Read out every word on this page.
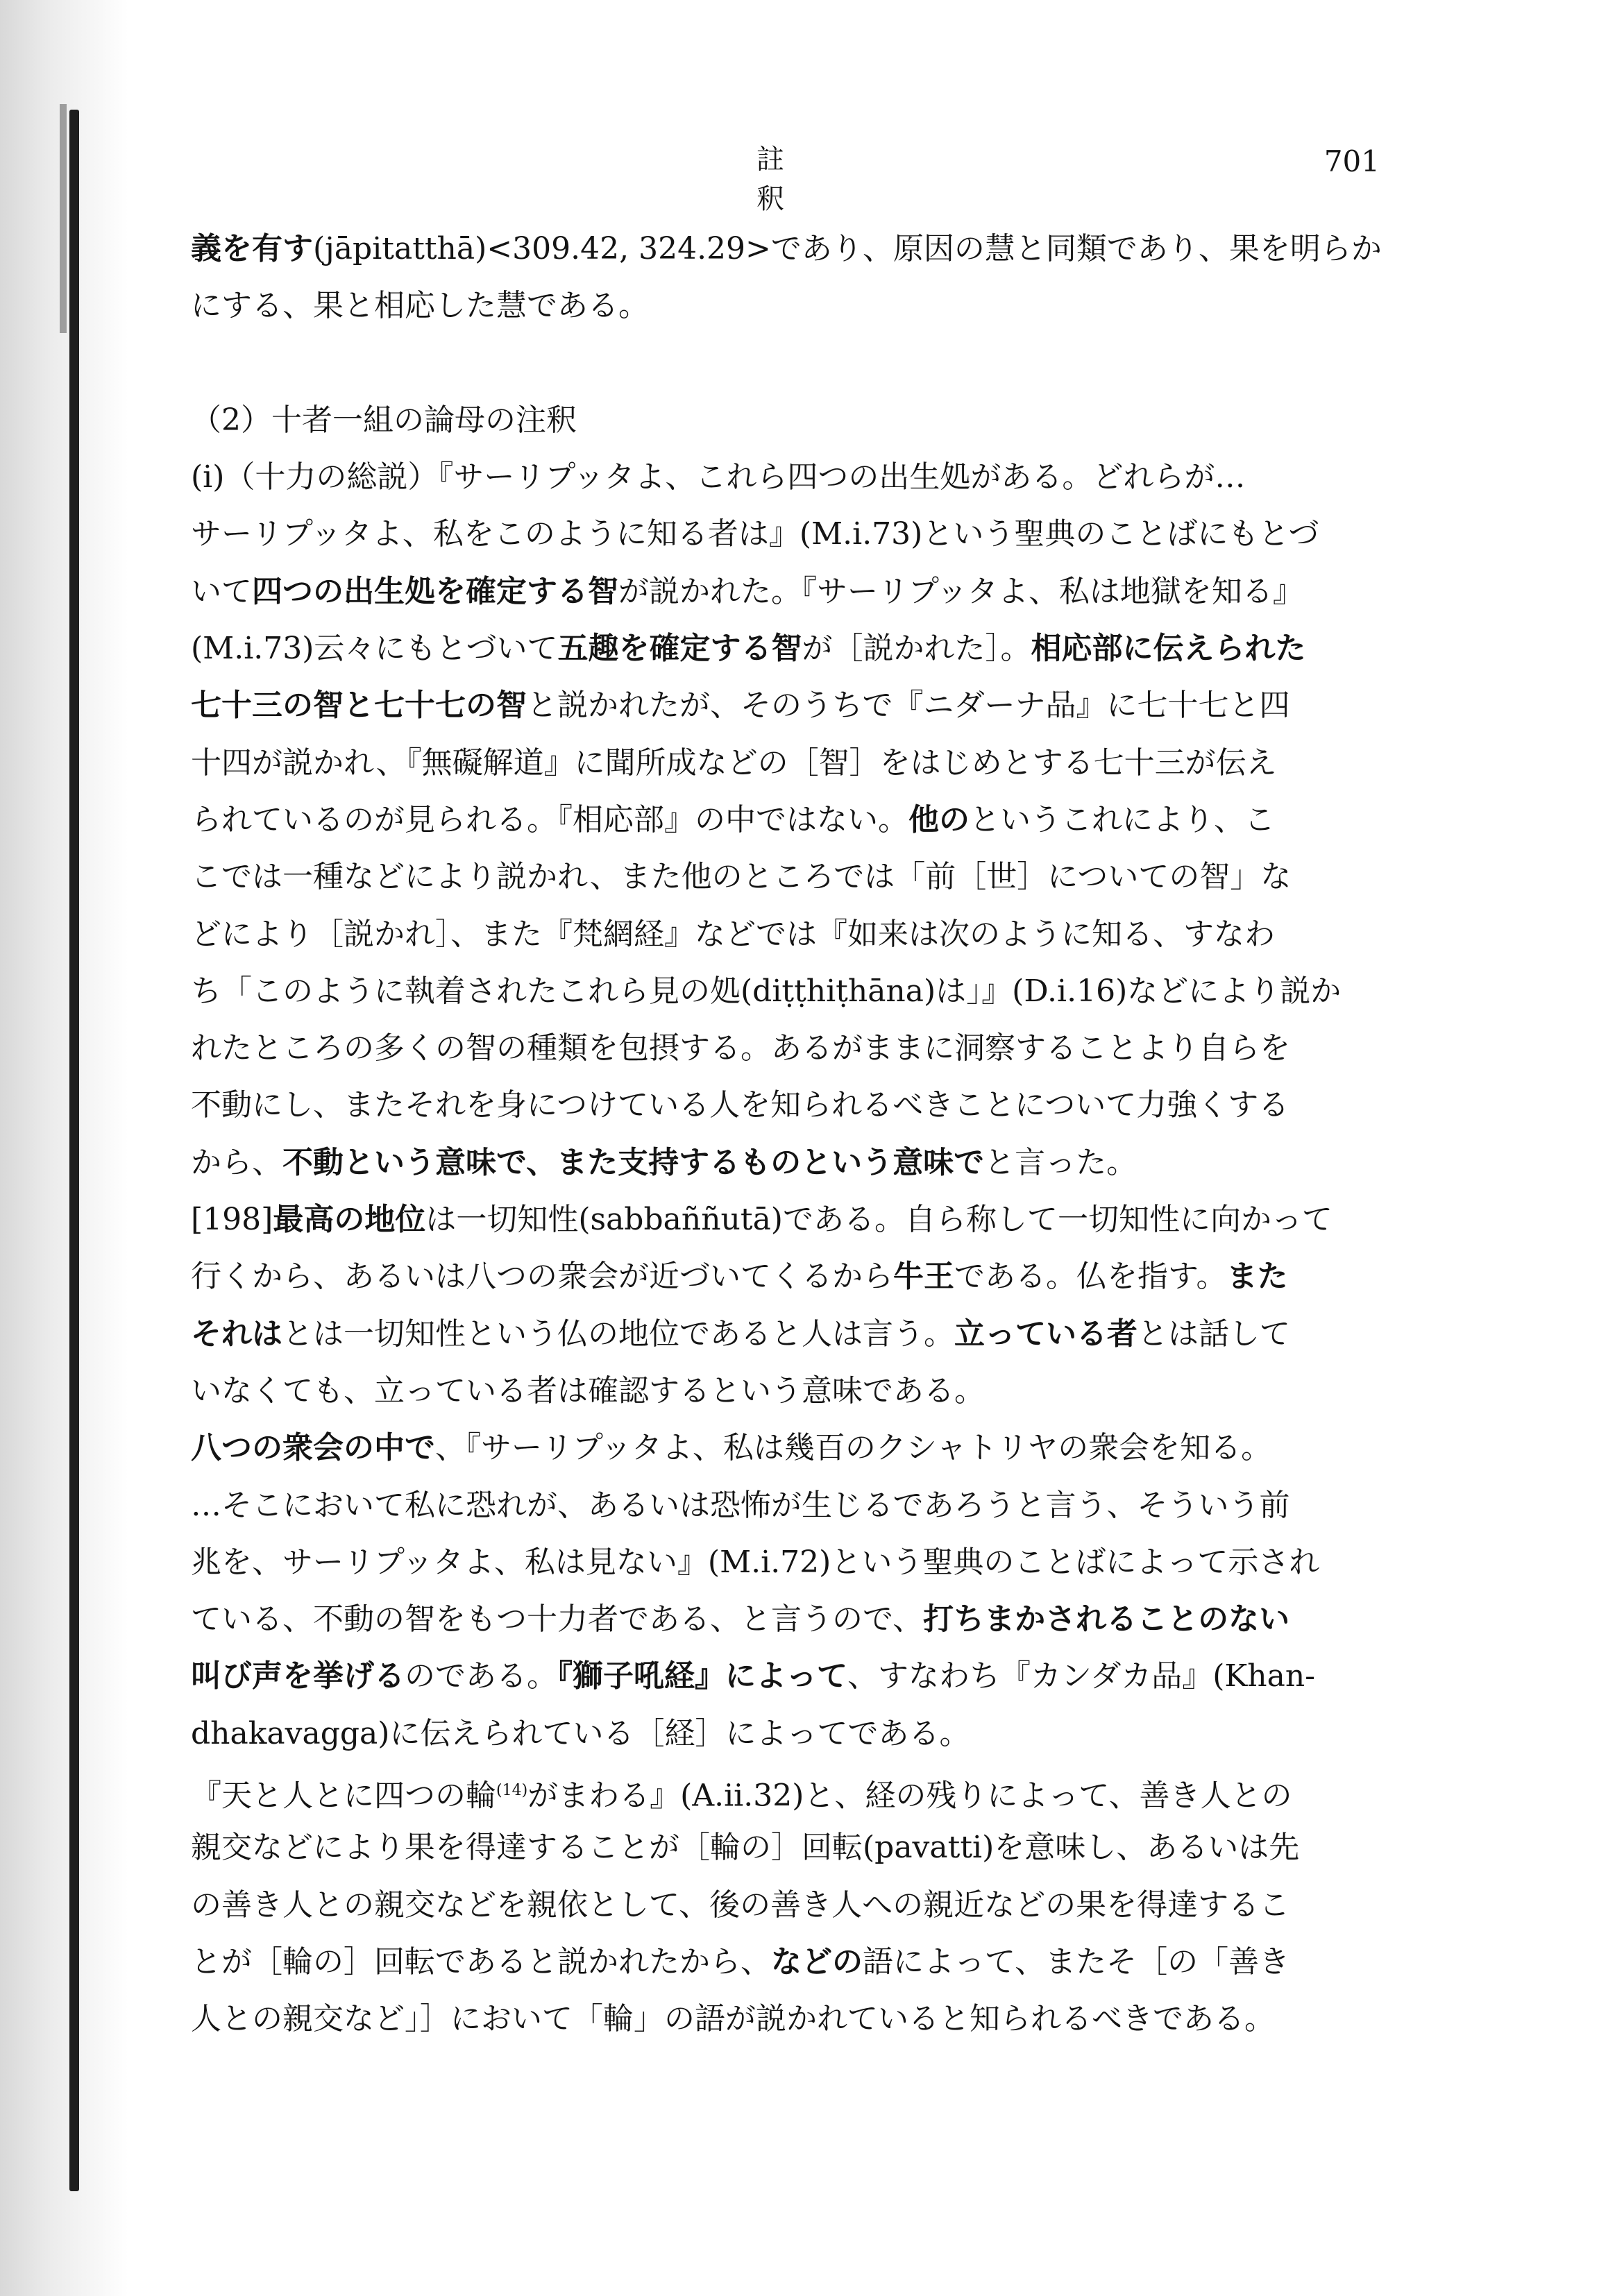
註 釈
701
義を有す(jāpitatthā)<309.42, 324.29>であり、原因の慧と同類であり、果を明らか
にする、果と相応した慧である。
（2）十者一組の論母の注釈
(i)（十力の総説）『サーリプッタよ、これら四つの出生処がある。どれらが…
サーリプッタよ、私をこのように知る者は』(M.i.73)という聖典のことばにもとづ
いて四つの出生処を確定する智が説かれた。『サーリプッタよ、私は地獄を知る』
(M.i.73)云々にもとづいて五趣を確定する智が［説かれた］。相応部に伝えられた
七十三の智と七十七の智と説かれたが、そのうちで『ニダーナ品』に七十七と四
十四が説かれ、『無礙解道』に聞所成などの［智］をはじめとする七十三が伝え
られているのが見られる。『相応部』の中ではない。他のというこれにより、こ
こでは一種などにより説かれ、また他のところでは「前［世］についての智」な
どにより［説かれ］、また『梵網経』などでは『如来は次のように知る、すなわ
ち「このように執着されたこれら見の処(diṭṭhiṭhāna)は」』(D.i.16)などにより説か
れたところの多くの智の種類を包摂する。あるがままに洞察することより自らを
不動にし、またそれを身につけている人を知られるべきことについて力強くする
から、不動という意味で、また支持するものという意味でと言った。
[198]最高の地位は一切知性(sabbaññutā)である。自ら称して一切知性に向かって
行くから、あるいは八つの衆会が近づいてくるから牛王である。仏を指す。また
それはとは一切知性という仏の地位であると人は言う。立っている者とは話して
いなくても、立っている者は確認するという意味である。
八つの衆会の中で、『サーリプッタよ、私は幾百のクシャトリヤの衆会を知る。
…そこにおいて私に恐れが、あるいは恐怖が生じるであろうと言う、そういう前
兆を、サーリプッタよ、私は見ない』(M.i.72)という聖典のことばによって示され
ている、不動の智をもつ十力者である、と言うので、打ちまかされることのない
叫び声を挙げるのである。『獅子吼経』によって、すなわち『カンダカ品』(Khan-
dhakavagga)に伝えられている［経］によってである。
『天と人とに四つの輪$^{(14)}$がまわる』(A.ii.32)と、経の残りによって、善き人との
親交などにより果を得達することが［輪の］回転(pavatti)を意味し、あるいは先
の善き人との親交などを親依として、後の善き人への親近などの果を得達するこ
とが［輪の］回転であると説かれたから、などの語によって、またそ［の「善き
人との親交など」］において「輪」の語が説かれていると知られるべきである。
